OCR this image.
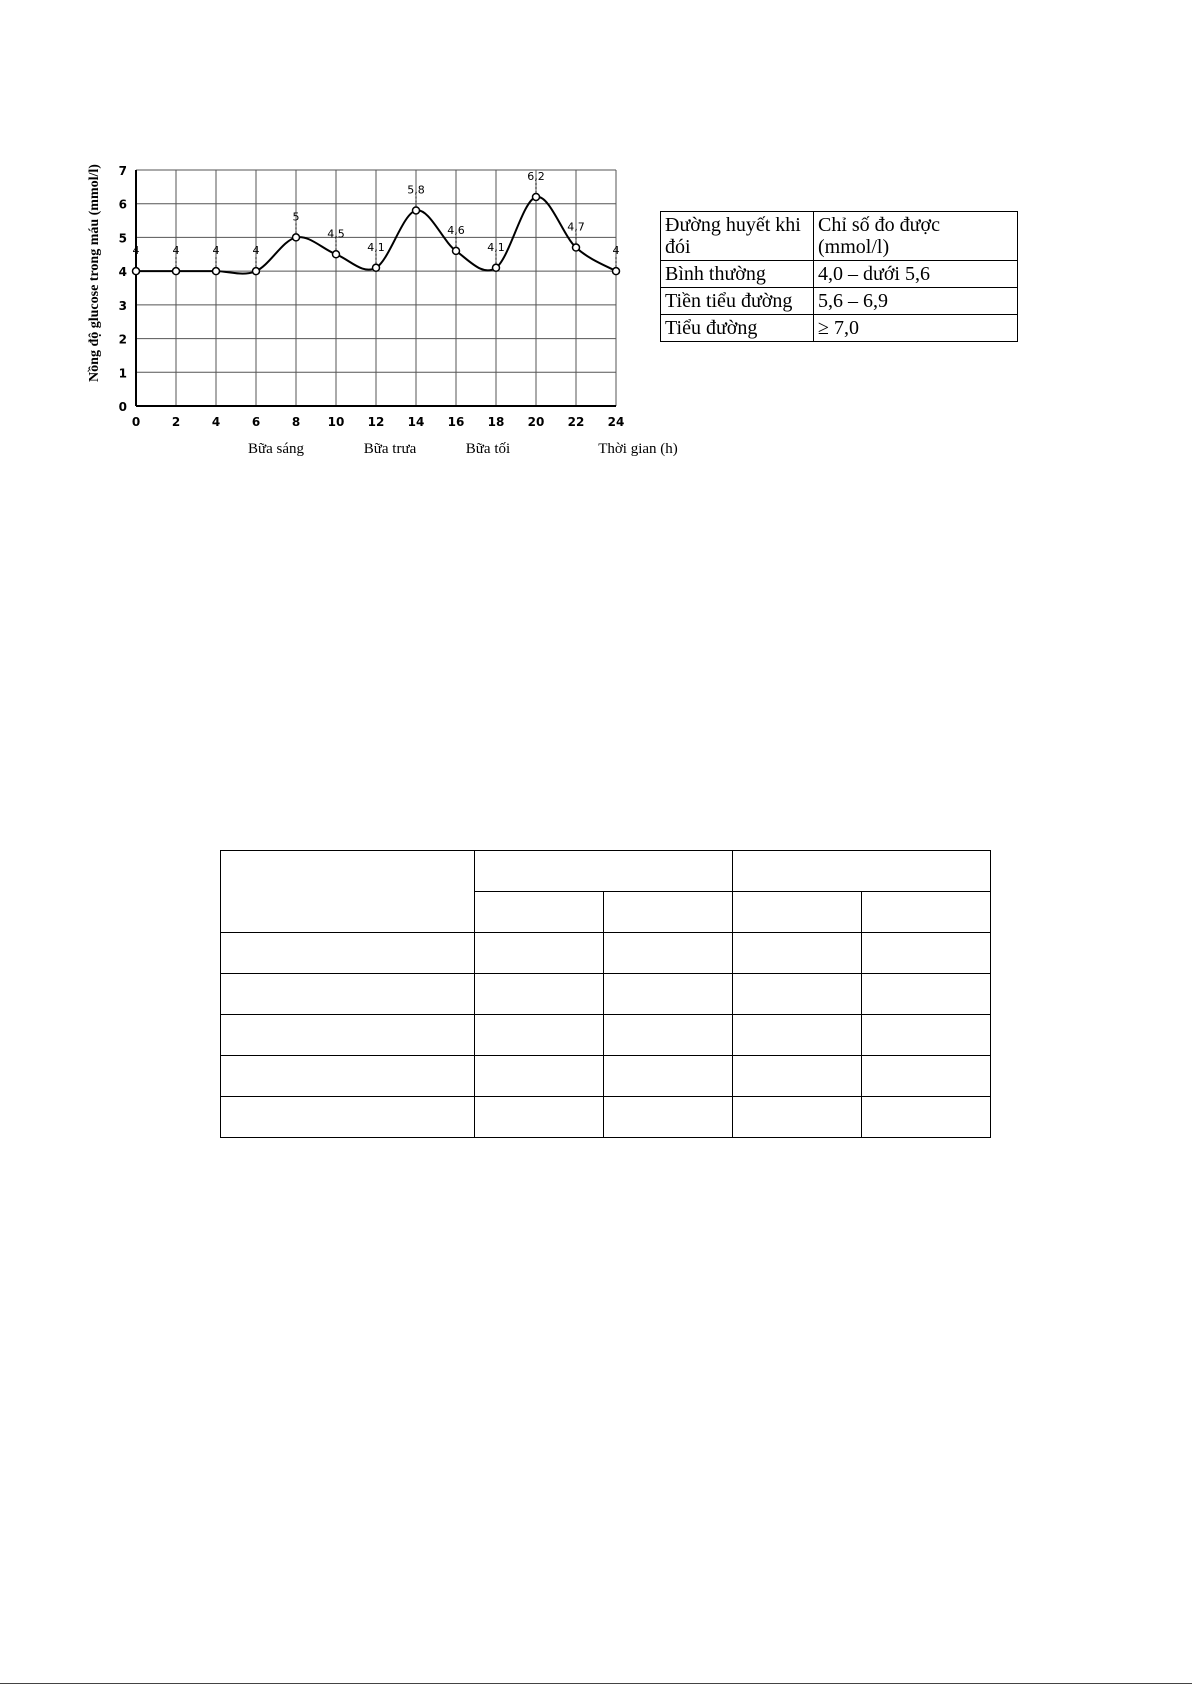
4	4	4	4
5
4,5
4,1
5,8
4,6
4,1
6,2
4,7
4
0	2	4	6	8 10 12 14 16 18 20 22 24
0
1
2
3
4
5
6
7
Nồng độ glucose trong máu (mmol/l)
Thời gian (h)
Bữa sáng	Bữa trưa	Bữa tối
Đường huyết khi đói	Chỉ số đo được (mmol/l)
Bình thường	4,0 – dưới 5,6
Tiền tiểu đường	5,6 – 6,9
Tiểu đường	≥ 7,0
